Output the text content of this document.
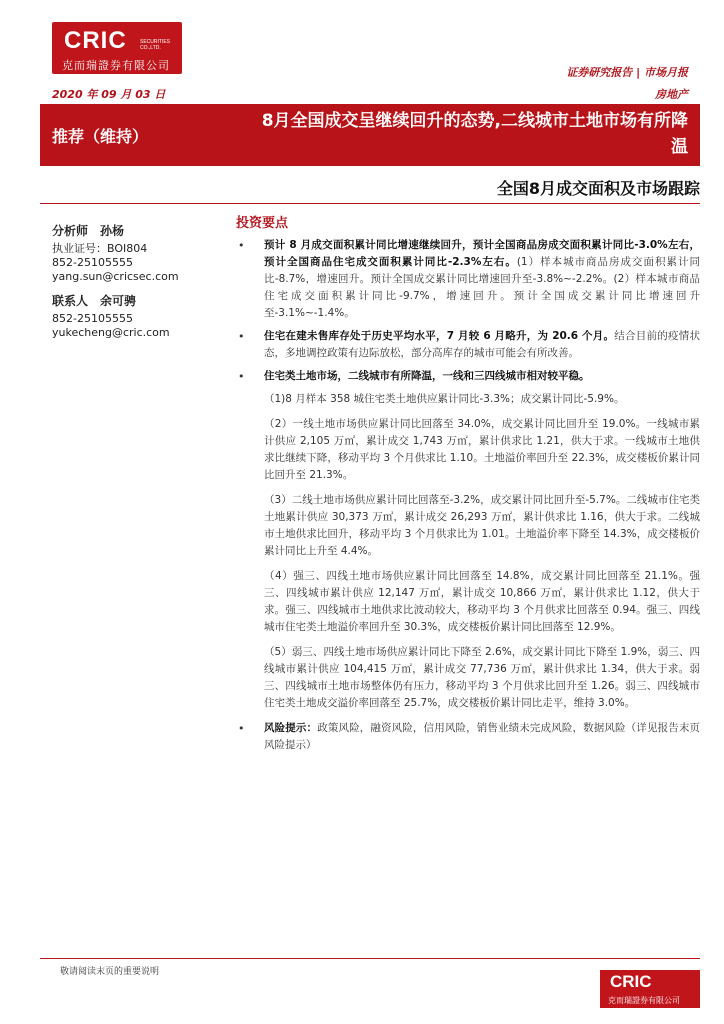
CRIC	SECURITIES CO.,LTD.
克而瑞證券有限公司
证券研究报告 | 市场月报
2020 年 09 月 03 日	房地产
推荐（维持）
8月全国成交呈继续回升的态势,二线城市土地市场有所降温
全国8月成交面积及市场跟踪
分析师　孙杨
执业证号：BOI804
852-25105555
yang.sun@cricsec.com
联系人　余可骋
852-25105555
yukecheng@cric.com
投资要点
• 预计 8 月成交面积累计同比增速继续回升，预计全国商品房成交面积累计同比-3.0%左右，预计全国商品住宅成交面积累计同比-2.3%左右。(1）样本城市商品房成交面积累计同比-8.7%，增速回升。预计全国成交累计同比增速回升至-3.8%~-2.2%。(2）样本城市商品住宅成交面积累计同比-9.7%，增速回升。预计全国成交累计同比增速回升至-3.1%~-1.4%。
• 住宅在建未售库存处于历史平均水平，7 月较 6 月略升，为 20.6 个月。结合目前的疫情状态，多地调控政策有边际放松，部分高库存的城市可能会有所改善。
• 住宅类土地市场，二线城市有所降温，一线和三四线城市相对较平稳。
（1)8 月样本 358 城住宅类土地供应累计同比-3.3%；成交累计同比-5.9%。
（2）一线土地市场供应累计同比回落至 34.0%，成交累计同比回升至 19.0%。一线城市累计供应 2,105 万㎡，累计成交 1,743 万㎡，累计供求比 1.21，供大于求。一线城市土地供求比继续下降，移动平均 3 个月供求比 1.10。土地溢价率回升至 22.3%，成交楼板价累计同比回升至 21.3%。
（3）二线土地市场供应累计同比回落至-3.2%，成交累计同比回升至-5.7%。二线城市住宅类土地累计供应 30,373 万㎡，累计成交 26,293 万㎡，累计供求比 1.16，供大于求。二线城市土地供求比回升，移动平均 3 个月供求比为 1.01。土地溢价率下降至 14.3%，成交楼板价累计同比上升至 4.4%。
（4）强三、四线土地市场供应累计同比回落至 14.8%，成交累计同比回落至 21.1%。强三、四线城市累计供应 12,147 万㎡，累计成交 10,866 万㎡，累计供求比 1.12，供大于求。强三、四线城市土地供求比波动较大，移动平均 3 个月供求比回落至 0.94。强三、四线城市住宅类土地溢价率回升至 30.3%，成交楼板价累计同比回落至 12.9%。
（5）弱三、四线土地市场供应累计同比下降至 2.6%，成交累计同比下降至 1.9%，弱三、四线城市累计供应 104,415 万㎡，累计成交 77,736 万㎡，累计供求比 1.34，供大于求。弱三、四线城市土地市场整体仍有压力，移动平均 3 个月供求比回升至 1.26。弱三、四线城市住宅类土地成交溢价率回落至 25.7%，成交楼板价累计同比走平，维持 3.0%。
• 风险提示：政策风险，融资风险，信用风险，销售业绩未完成风险，数据风险（详见报告末页风险提示）
敬请阅读末页的重要说明	CRIC
克而瑞證券有限公司
